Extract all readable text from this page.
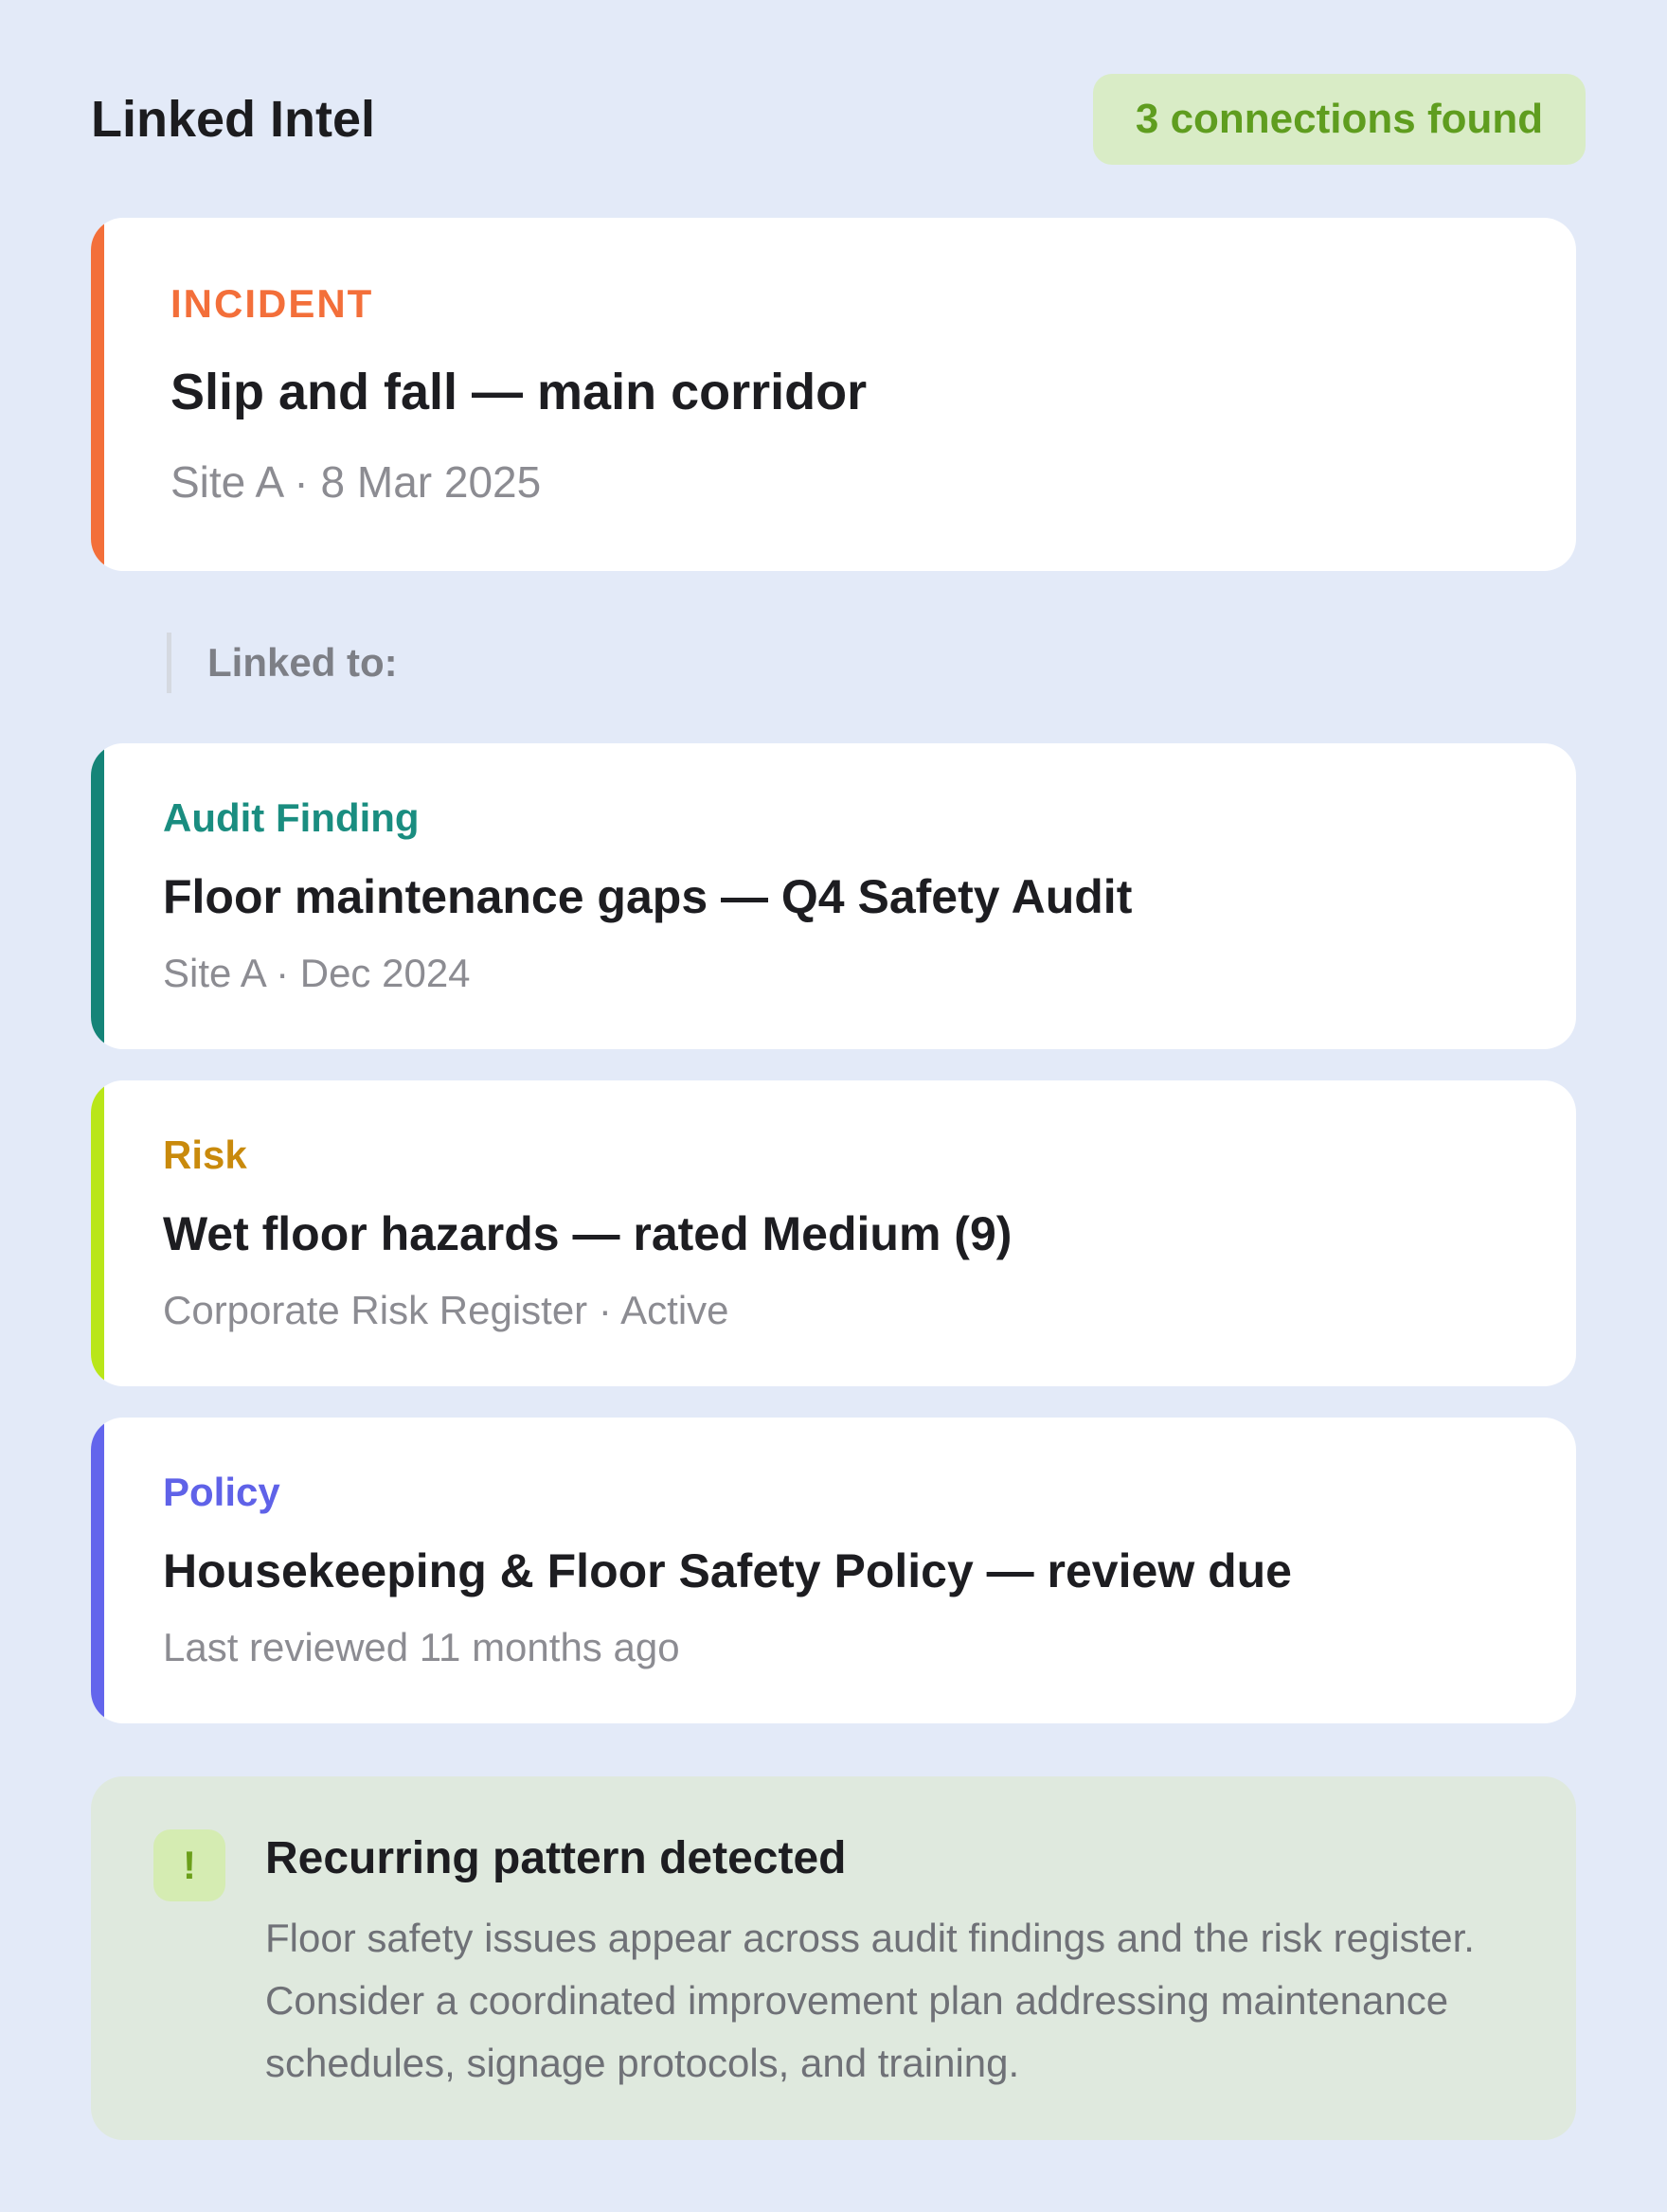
Linked Intel	3 connections found
INCIDENT
Slip and fall — main corridor
Site A · 8 Mar 2025
Linked to:
Audit Finding
Floor maintenance gaps — Q4 Safety Audit
Site A · Dec 2024
Risk
Wet floor hazards — rated Medium (9)
Corporate Risk Register · Active
Policy
Housekeeping & Floor Safety Policy — review due
Last reviewed 11 months ago
!	Recurring pattern detected
Floor safety issues appear across audit findings and the risk register. Consider a coordinated improvement plan addressing maintenance schedules, signage protocols, and training.
